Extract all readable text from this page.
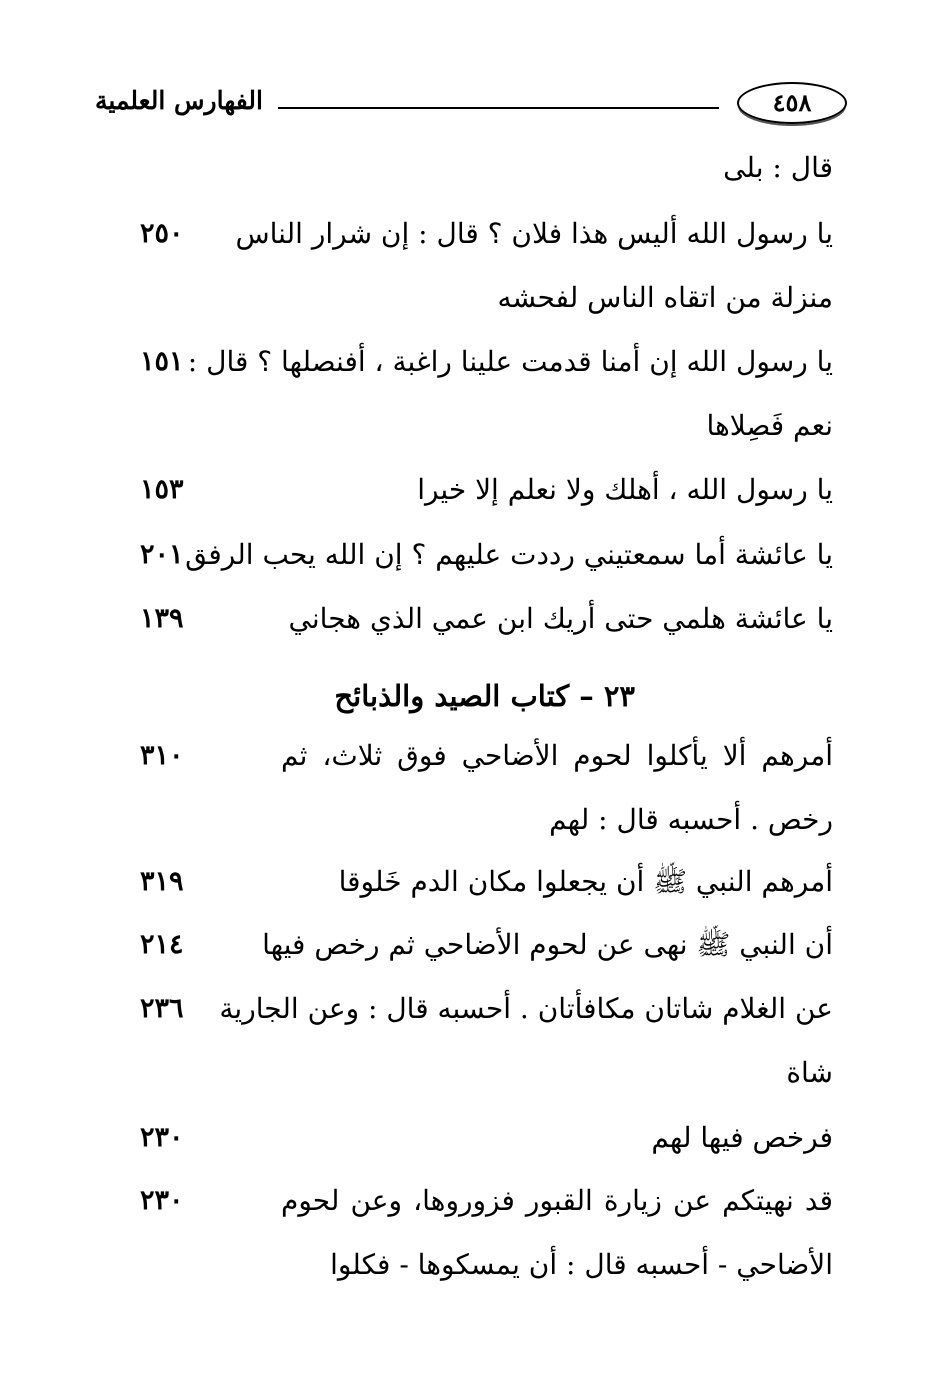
الفهارس العلمية	٤٥٨
قال : بلى
يا رسول الله أليس هذا فلان ؟ قال : إن شرار الناس
٢٥٠
منزلة من اتقاه الناس لفحشه
يا رسول الله إن أمنا قدمت علينا راغبة ، أفنصلها ؟ قال :
١٥١
نعم فَصِلاها
يا رسول الله ، أهلك ولا نعلم إلا خيرا
١٥٣
يا عائشة أما سمعتيني رددت عليهم ؟ إن الله يحب الرفق
٢٠١
يا عائشة هلمي حتى أريك ابن عمي الذي هجاني
١٣٩
٢٣ – كتاب الصيد والذبائح
أمرهم ألا يأكلوا لحوم الأضاحي فوق ثلاث، ثم
٣١٠
رخص . أحسبه قال : لهم
أمرهم النبي ﷺ أن يجعلوا مكان الدم خَلوقا
٣١٩
أن النبي ﷺ نهى عن لحوم الأضاحي ثم رخص فيها
٢١٤
عن الغلام شاتان مكافأتان . أحسبه قال : وعن الجارية
٢٣٦
شاة
فرخص فيها لهم
٢٣٠
قد نهيتكم عن زيارة القبور فزوروها، وعن لحوم
٢٣٠
الأضاحي - أحسبه قال : أن يمسكوها - فكلوا
